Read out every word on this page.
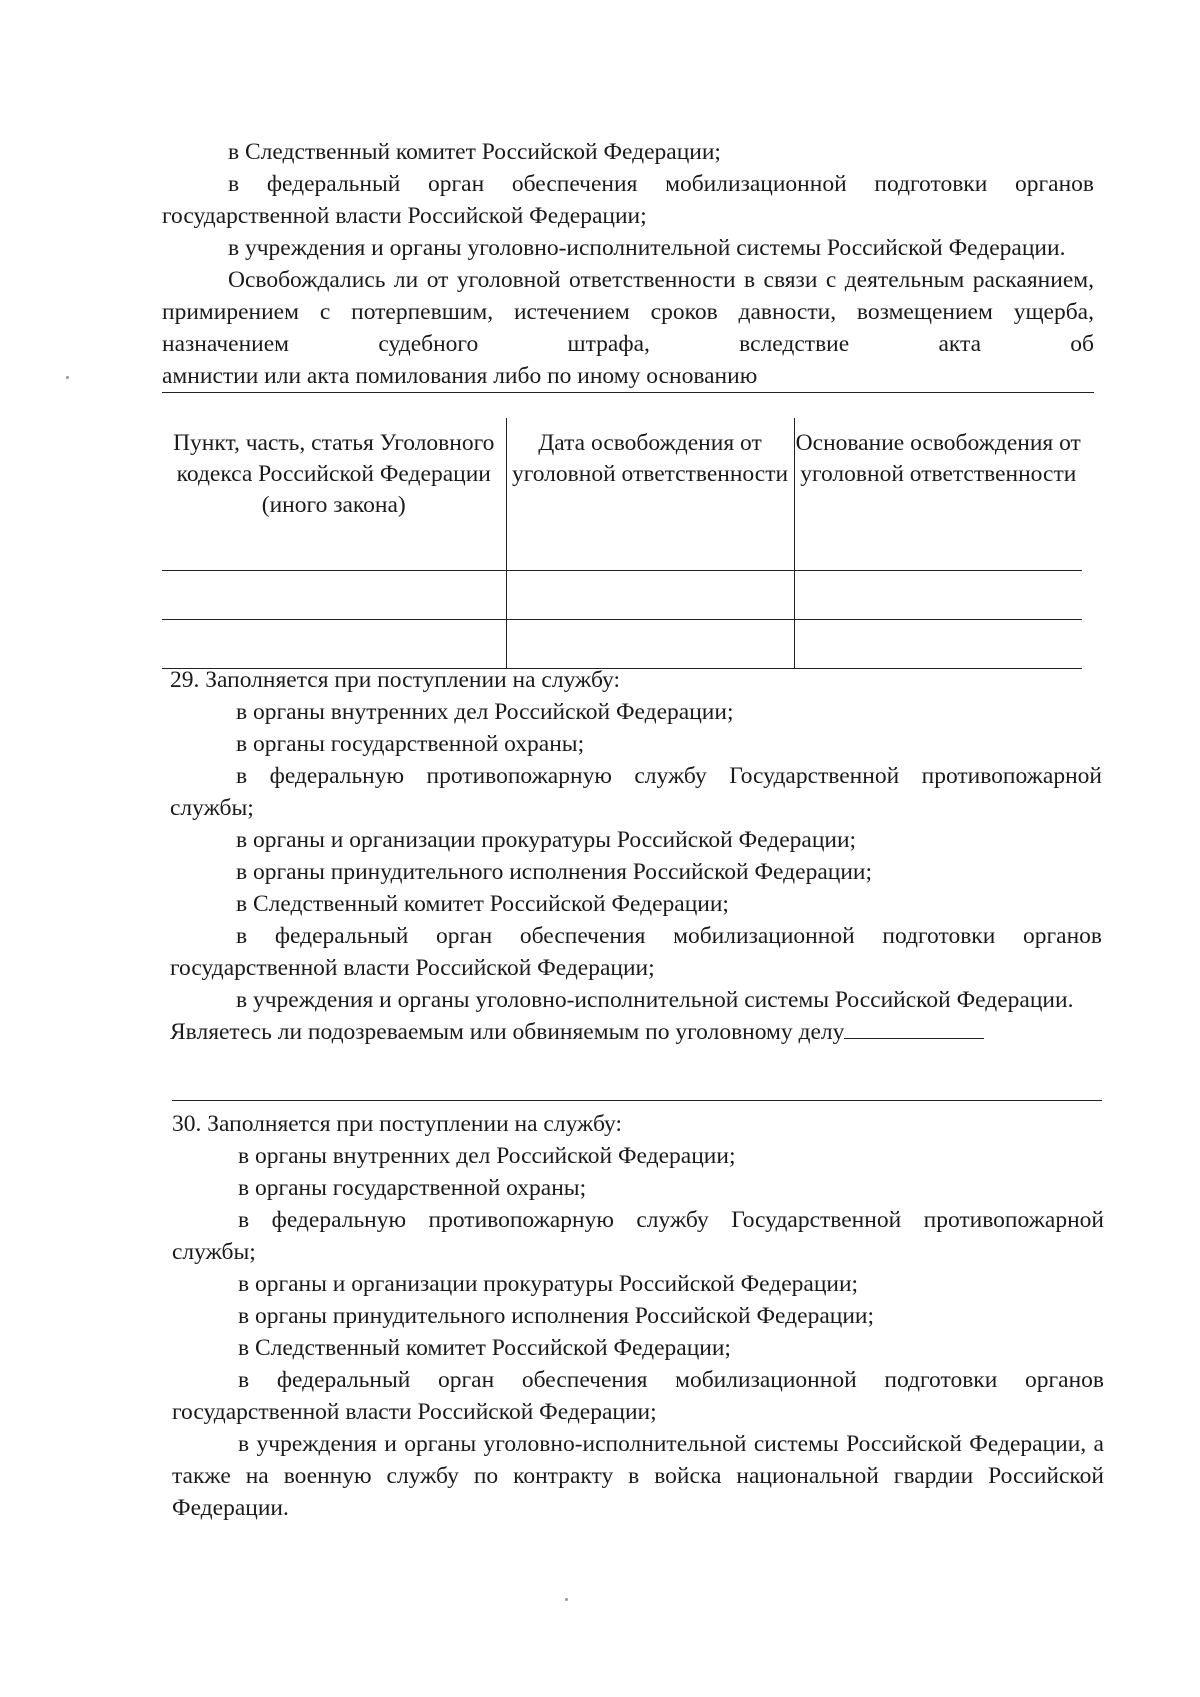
в Следственный комитет Российской Федерации;

в федеральный орган обеспечения мобилизационной подготовки органов государственной власти Российской Федерации;

в учреждения и органы уголовно-исполнительной системы Российской Федерации.

Освобождались ли от уголовной ответственности в связи с деятельным раскаянием, примирением с потерпевшим, истечением сроков давности, возмещением ущерба, назначением судебного штрафа, вследствие акта об

амнистии или акта помилования либо по иному основанию

Пункт, часть, статья Уголовного кодекса Российской Федерации (иного закона)	Дата освобождения от уголовной ответственности	Основание освобождения от уголовной ответственности

29. Заполняется при поступлении на службу:

в органы внутренних дел Российской Федерации;

в органы государственной охраны;

в федеральную противопожарную службу Государственной противопожарной службы;

в органы и организации прокуратуры Российской Федерации;

в органы принудительного исполнения Российской Федерации;

в Следственный комитет Российской Федерации;

в федеральный орган обеспечения мобилизационной подготовки органов государственной власти Российской Федерации;

в учреждения и органы уголовно-исполнительной системы Российской Федерации.

Являетесь ли подозреваемым или обвиняемым по уголовному делу

30. Заполняется при поступлении на службу:

в органы внутренних дел Российской Федерации;

в органы государственной охраны;

в федеральную противопожарную службу Государственной противопожарной службы;

в органы и организации прокуратуры Российской Федерации;

в органы принудительного исполнения Российской Федерации;

в Следственный комитет Российской Федерации;

в федеральный орган обеспечения мобилизационной подготовки органов государственной власти Российской Федерации;

в учреждения и органы уголовно-исполнительной системы Российской Федерации, а также на военную службу по контракту в войска национальной гвардии Российской Федерации.
